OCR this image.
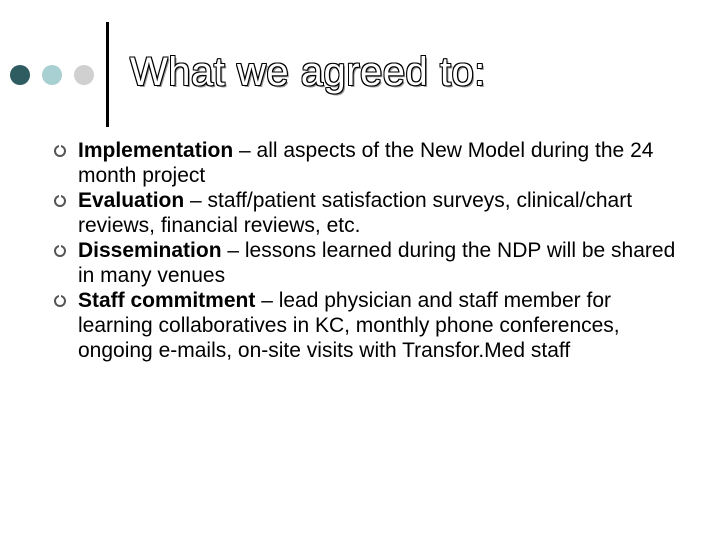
What we agreed to:
Implementation – all aspects of the New Model during the 24 month project
Evaluation – staff/patient satisfaction surveys, clinical/chart reviews, financial reviews, etc.
Dissemination – lessons learned during the NDP will be shared in many venues
Staff commitment – lead physician and staff member for learning collaboratives in KC, monthly phone conferences, ongoing e-mails, on-site visits with Transfor.Med staff
